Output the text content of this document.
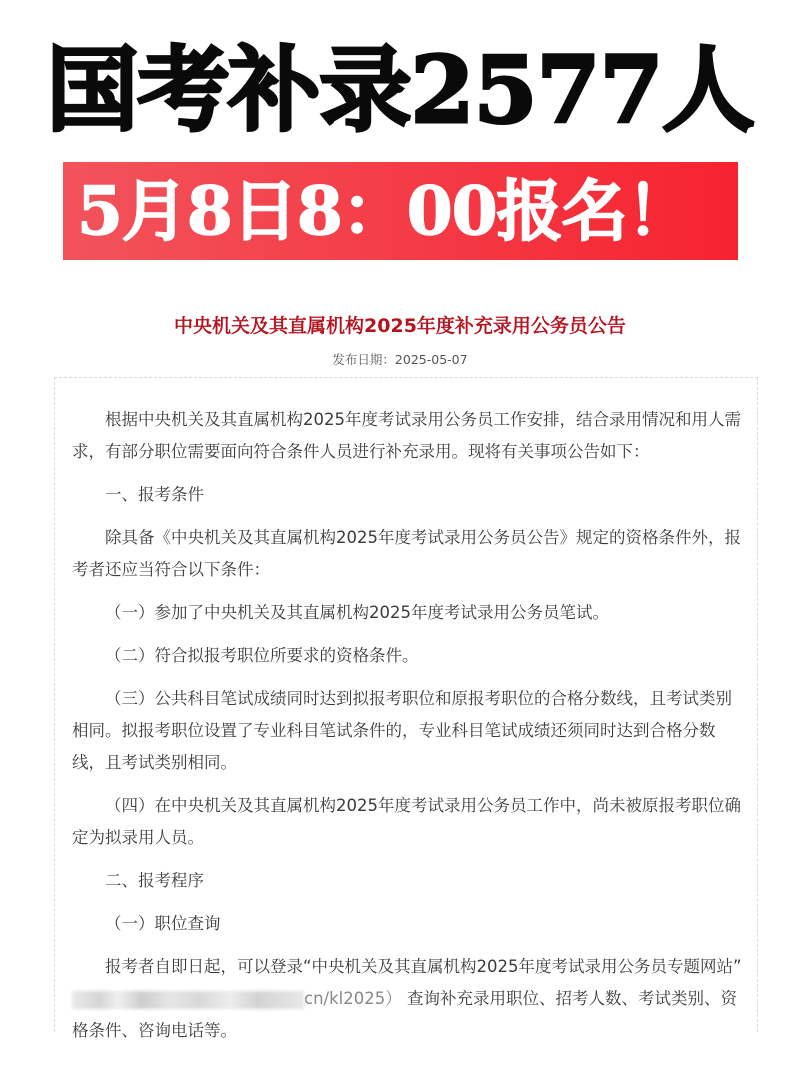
国考补录2577人
5月8日8：00报名！
中央机关及其直属机构2025年度补充录用公务员公告
发布日期：2025-05-07

根据中央机关及其直属机构2025年度考试录用公务员工作安排，结合录用情况和用人需求，有部分职位需要面向符合条件人员进行补充录用。现将有关事项公告如下：

一、报考条件

除具备《中央机关及其直属机构2025年度考试录用公务员公告》规定的资格条件外，报考者还应当符合以下条件：

（一）参加了中央机关及其直属机构2025年度考试录用公务员笔试。

（二）符合拟报考职位所要求的资格条件。

（三）公共科目笔试成绩同时达到拟报考职位和原报考职位的合格分数线，且考试类别相同。拟报考职位设置了专业科目笔试条件的，专业科目笔试成绩还须同时达到合格分数线，且考试类别相同。

（四）在中央机关及其直属机构2025年度考试录用公务员工作中，尚未被原报考职位确定为拟录用人员。

二、报考程序

（一）职位查询

报考者自即日起，可以登录“中央机关及其直属机构2025年度考试录用公务员专题网站”cn/kl2025） 查询补充录用职位、招考人数、考试类别、资格条件、咨询电话等。
